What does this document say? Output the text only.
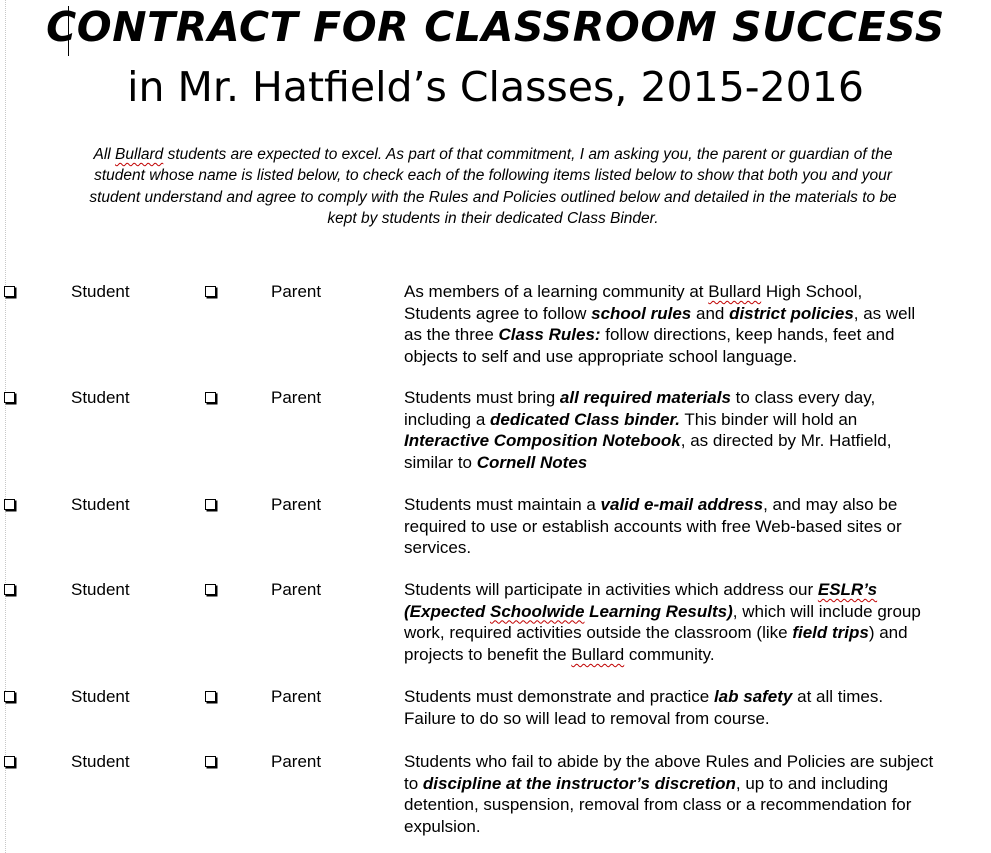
CONTRACT FOR CLASSROOM SUCCESS
in Mr. Hatfield’s Classes, 2015-2016
All Bullard students are expected to excel. As part of that commitment, I am asking you, the parent or guardian of the
student whose name is listed below, to check each of the following items listed below to show that both you and your
student understand and agree to comply with the Rules and Policies outlined below and detailed in the materials to be
kept by students in their dedicated Class Binder.
Student	Parent	As members of a learning community at Bullard High School,
Students agree to follow school rules and district policies, as well
as the three Class Rules: follow directions, keep hands, feet and
objects to self and use appropriate school language.
Student	Parent	Students must bring all required materials to class every day,
including a dedicated Class binder. This binder will hold an
Interactive Composition Notebook, as directed by Mr. Hatfield,
similar to Cornell Notes
Student	Parent	Students must maintain a valid e-mail address, and may also be
required to use or establish accounts with free Web-based sites or
services.
Student	Parent	Students will participate in activities which address our ESLR’s
(Expected Schoolwide Learning Results), which will include group
work, required activities outside the classroom (like field trips) and
projects to benefit the Bullard community.
Student	Parent	Students must demonstrate and practice lab safety at all times.
Failure to do so will lead to removal from course.
Student	Parent	Students who fail to abide by the above Rules and Policies are subject
to discipline at the instructor’s discretion, up to and including
detention, suspension, removal from class or a recommendation for
expulsion.
